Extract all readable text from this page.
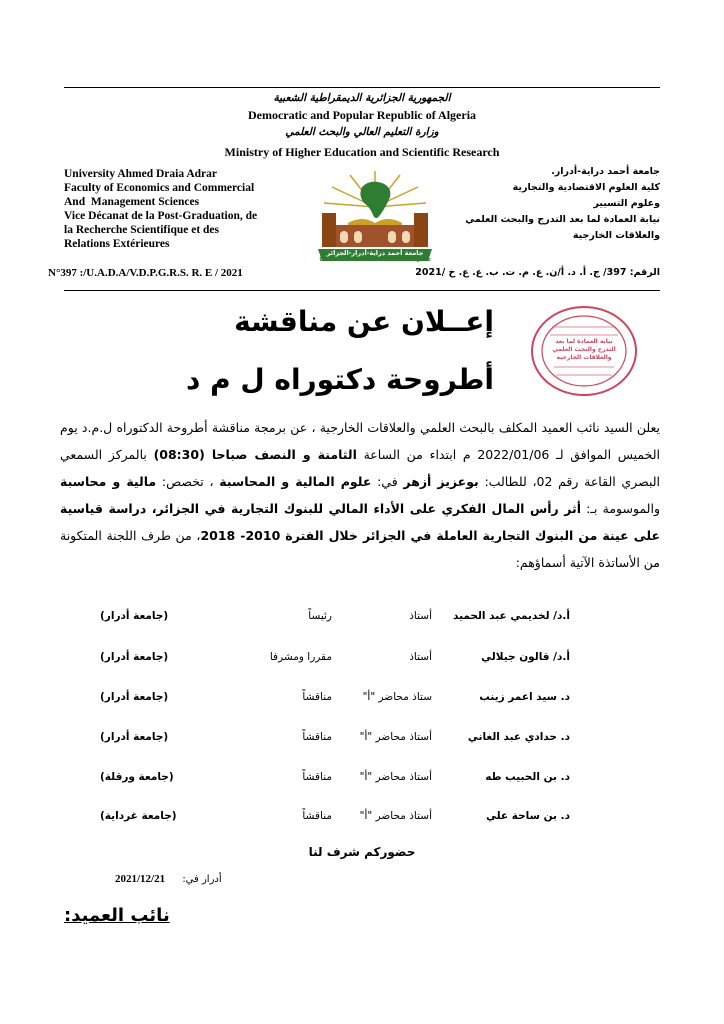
الجمهورية الجزائرية الديمقراطية الشعبية
Democratic and Popular Republic of Algeria
وزارة التعليم العالي والبحث العلمي
Ministry of Higher Education and Scientific Research
University Ahmed Draia Adrar
Faculty of Economics and Commercial
And  Management Sciences
Vice Décanat de la Post-Graduation, de
la Recherche Scientifique et des
Relations Extérieures
جامعة أحمد دراية-أدرار.
كلية العلوم الاقتصادية والتجارية
وعلوم التسيير
نيابة العمادة لما بعد التدرج والبحث العلمي
والعلاقات الخارجية
جامعة أحمد دراية-أدرار-الجزائر
Université Ahmed DRAIA. Adrar-Algérie
N°397 :/U.A.D.A/V.D.P.G.R.S. R. E / 2021	الرقم: 397/ ج. أ. د. أ/ن. ع. م. ت. ب. ع. ع. خ /2021
نيابة العمادة لما بعد التدرج والبحث العلمي والعلاقات الخارجية
إعــلان عن مناقشة
أطروحة دكتوراه ل م د
يعلن السيد نائب العميد المكلف بالبحث العلمي والعلاقات الخارجية ، عن برمجة مناقشة أطروحة الدكتوراه ل.م.د يوم الخميس الموافق لـ 2022/01/06 م ابتداء من الساعة الثامنة و النصف صباحا (08:30) بالمركز السمعي البصري القاعة رقم 02، للطالب: بوعزيز أزهر في: علوم المالية و المحاسبة ، تخصص: مالية و محاسبة والموسومة بـ: أثر رأس المال الفكري على الأداء المالي للبنوك التجارية في الجزائر، دراسة قياسية على عينة من البنوك التجارية العاملة في الجزائر خلال الفترة 2010- 2018، من طرف اللجنة المتكونة من الأساتذة الآتية أسماؤهم:
أ.د/ لخديمي عبد الحميد
أستاذ
رئيساً
(جامعة أدرار)
أ.د/ قالون جيلالي
أستاذ
مقررا ومشرفا
(جامعة أدرار)
د. سيد اعمر زينب
ستاذ محاضر "أ"
مناقشاً
(جامعة أدرار)
د. حدادي عبد الغاني
أستاذ محاضر "أ"
مناقشاً
(جامعة أدرار)
د. بن الحبيب طه
أستاذ محاضر "أ"
مناقشاً
(جامعة ورقلة)
د. بن ساحة علي
أستاذ محاضر "أ"
مناقشاً
(جامعة غرداية)
حضوركم شرف لنا
2021/12/21 أدرار في:
نائب العميد:
